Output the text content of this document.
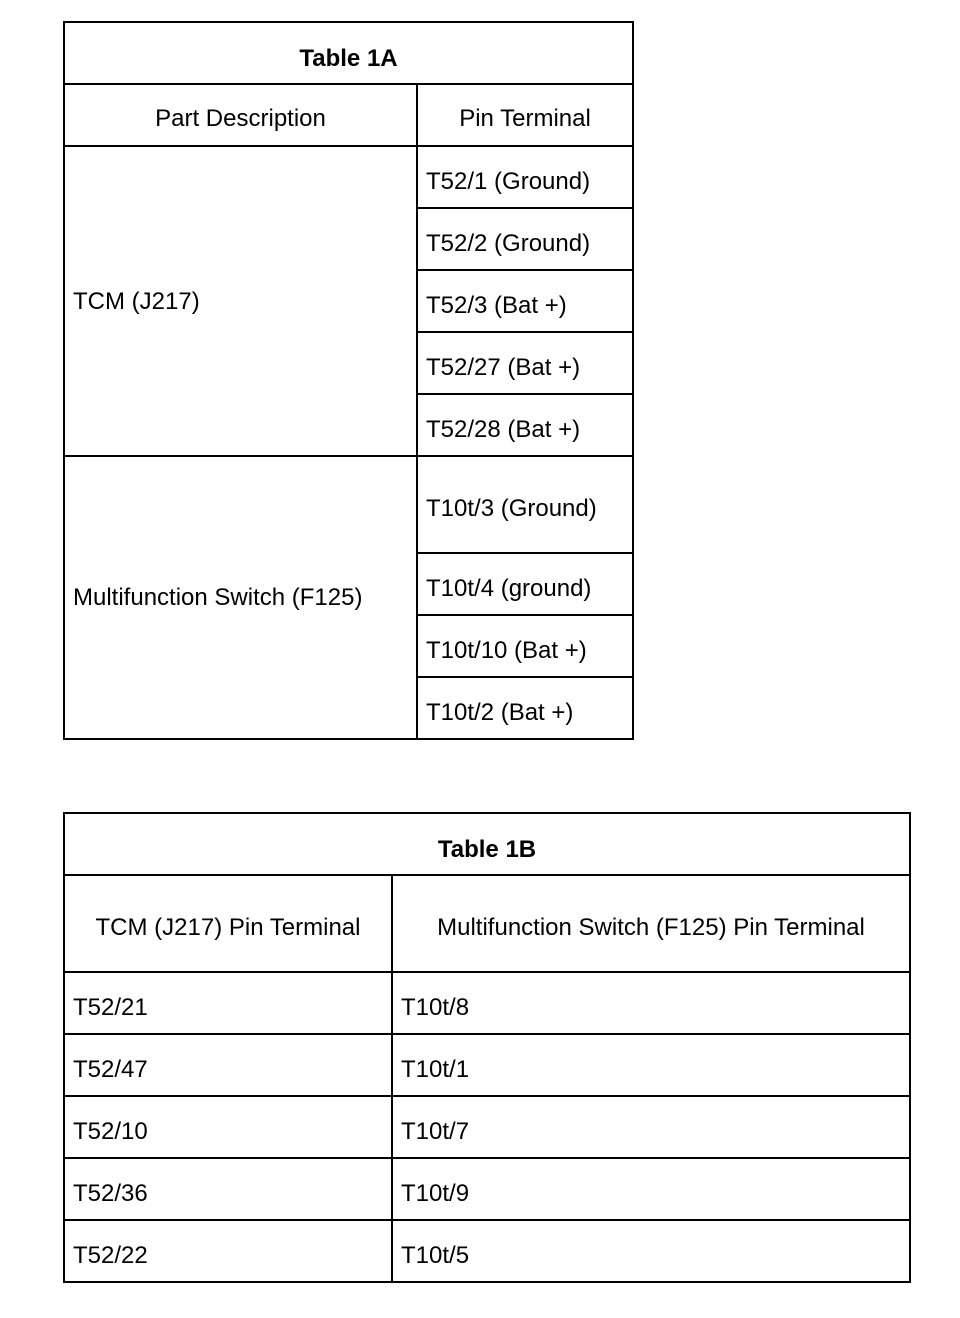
Table 1A	
Part Description	Pin Terminal
TCM (J217)	T52/1 (Ground)
	T52/2 (Ground)
	T52/3 (Bat +)
	T52/27 (Bat +)
	T52/28 (Bat +)
Multifunction Switch (F125)	T10t/3 (Ground)
	T10t/4 (ground)
	T10t/10 (Bat +)
	T10t/2 (Bat +)
Table 1B	
TCM (J217) Pin Terminal	Multifunction Switch (F125) Pin Terminal
T52/21	T10t/8
T52/47	T10t/1
T52/10	T10t/7
T52/36	T10t/9
T52/22	T10t/5
